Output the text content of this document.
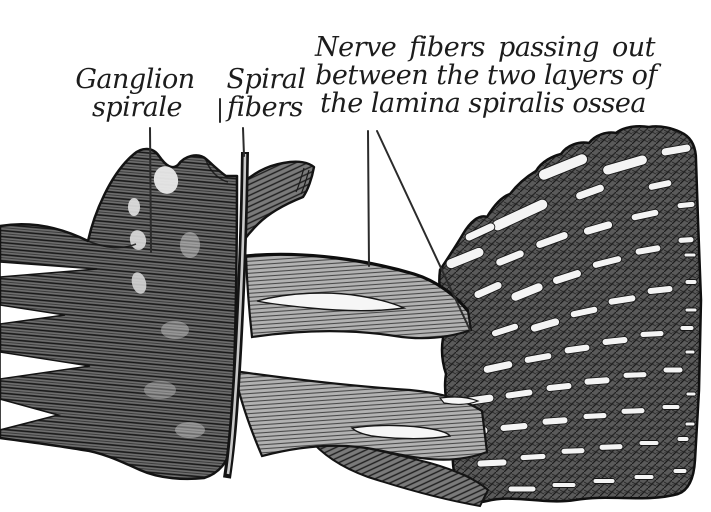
Ganglion
spirale
Spiral
fibers
Nerve fibers passing out
between the two layers of
the lamina spiralis ossea
